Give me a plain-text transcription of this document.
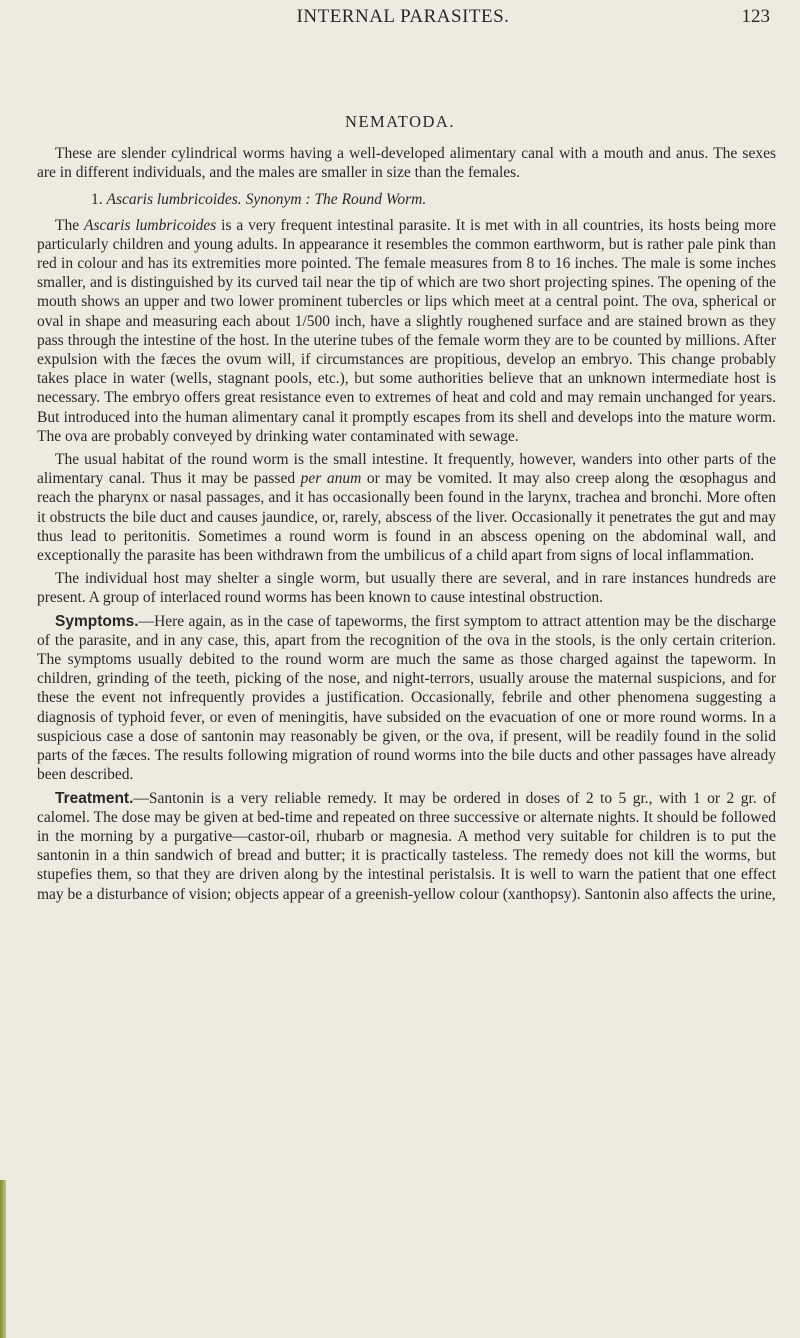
INTERNAL PARASITES.	123
NEMATODA.

These are slender cylindrical worms having a well-developed alimentary canal with a mouth and anus. The sexes are in different individuals, and the males are smaller in size than the females.

1. Ascaris lumbricoides. Synonym : The Round Worm.

The Ascaris lumbricoides is a very frequent intestinal parasite. It is met with in all countries, its hosts being more particularly children and young adults. In appearance it resembles the common earthworm, but is rather pale pink than red in colour and has its extremities more pointed. The female measures from 8 to 16 inches. The male is some inches smaller, and is distinguished by its curved tail near the tip of which are two short projecting spines. The opening of the mouth shows an upper and two lower prominent tubercles or lips which meet at a central point. The ova, spherical or oval in shape and measuring each about 1/500 inch, have a slightly roughened surface and are stained brown as they pass through the intestine of the host. In the uterine tubes of the female worm they are to be counted by millions. After expulsion with the fæces the ovum will, if circumstances are propitious, develop an embryo. This change probably takes place in water (wells, stagnant pools, etc.), but some authorities believe that an unknown intermediate host is necessary. The embryo offers great resistance even to extremes of heat and cold and may remain unchanged for years. But introduced into the human alimentary canal it promptly escapes from its shell and develops into the mature worm. The ova are probably conveyed by drinking water contaminated with sewage.

The usual habitat of the round worm is the small intestine. It frequently, however, wanders into other parts of the alimentary canal. Thus it may be passed per anum or may be vomited. It may also creep along the œsophagus and reach the pharynx or nasal passages, and it has occasionally been found in the larynx, trachea and bronchi. More often it obstructs the bile duct and causes jaundice, or, rarely, abscess of the liver. Occasionally it penetrates the gut and may thus lead to peritonitis. Sometimes a round worm is found in an abscess opening on the abdominal wall, and exceptionally the parasite has been withdrawn from the umbilicus of a child apart from signs of local inflammation.

The individual host may shelter a single worm, but usually there are several, and in rare instances hundreds are present. A group of interlaced round worms has been known to cause intestinal obstruction.

Symptoms.—Here again, as in the case of tapeworms, the first symptom to attract attention may be the discharge of the parasite, and in any case, this, apart from the recognition of the ova in the stools, is the only certain criterion. The symptoms usually debited to the round worm are much the same as those charged against the tapeworm. In children, grinding of the teeth, picking of the nose, and night-terrors, usually arouse the maternal suspicions, and for these the event not infrequently provides a justification. Occasionally, febrile and other phenomena suggesting a diagnosis of typhoid fever, or even of meningitis, have subsided on the evacuation of one or more round worms. In a suspicious case a dose of santonin may reasonably be given, or the ova, if present, will be readily found in the solid parts of the fæces. The results following migration of round worms into the bile ducts and other passages have already been described.

Treatment.—Santonin is a very reliable remedy. It may be ordered in doses of 2 to 5 gr., with 1 or 2 gr. of calomel. The dose may be given at bed-time and repeated on three successive or alternate nights. It should be followed in the morning by a purgative—castor-oil, rhubarb or magnesia. A method very suitable for children is to put the santonin in a thin sandwich of bread and butter; it is practically tasteless. The remedy does not kill the worms, but stupefies them, so that they are driven along by the intestinal peristalsis. It is well to warn the patient that one effect may be a disturbance of vision; objects appear of a greenish-yellow colour (xanthopsy). Santonin also affects the urine,
